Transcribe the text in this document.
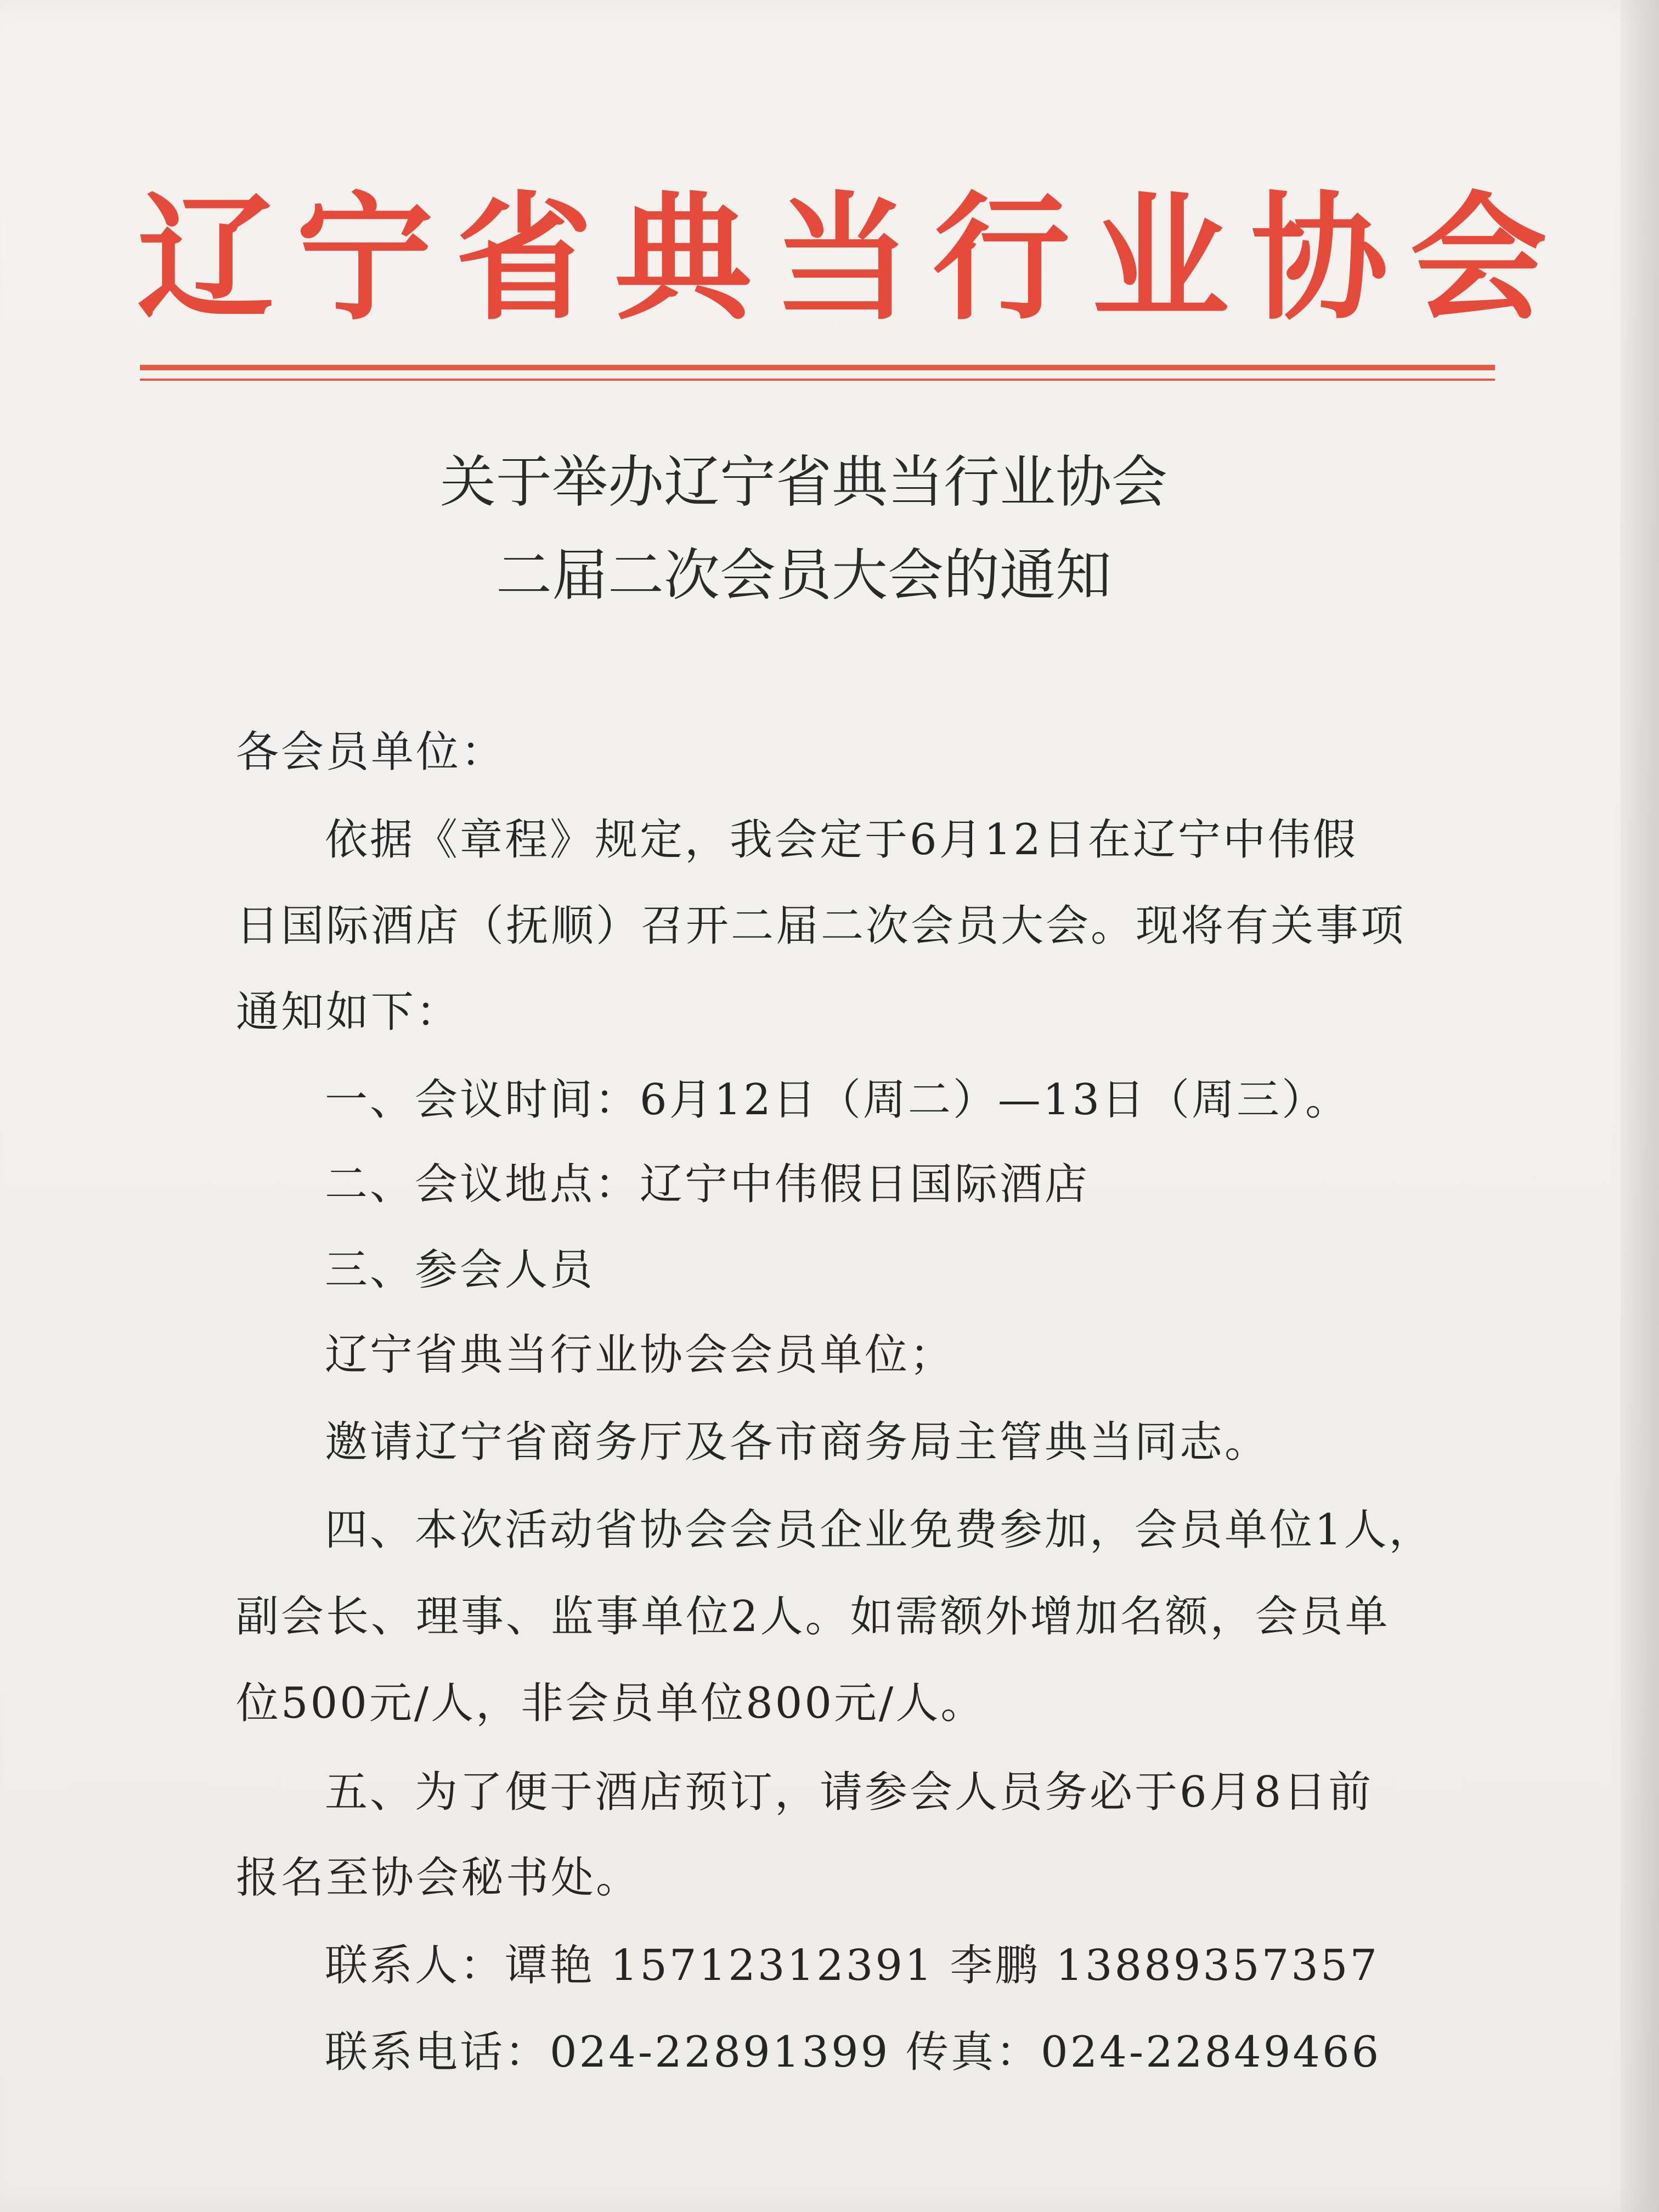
辽宁省典当行业协会
关于举办辽宁省典当行业协会
二届二次会员大会的通知
各会员单位：
依据《章程》规定，我会定于6月12日在辽宁中伟假
日国际酒店（抚顺）召开二届二次会员大会。现将有关事项
通知如下：
一、会议时间：6月12日（周二）—13日（周三）。
二、会议地点：辽宁中伟假日国际酒店
三、参会人员
辽宁省典当行业协会会员单位；
邀请辽宁省商务厅及各市商务局主管典当同志。
四、本次活动省协会会员企业免费参加，会员单位1人，
副会长、理事、监事单位2人。如需额外增加名额，会员单
位500元/人，非会员单位800元/人。
五、为了便于酒店预订，请参会人员务必于6月8日前
报名至协会秘书处。
联系人：谭艳 15712312391 李鹏 13889357357
联系电话：024-22891399 传真：024-22849466
